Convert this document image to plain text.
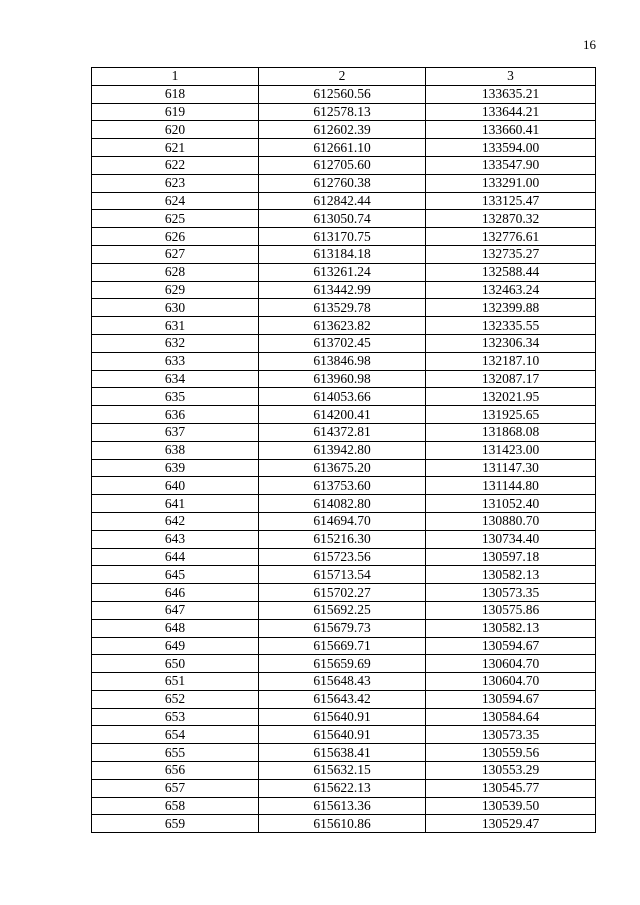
16
1	2	3
618	612560.56	133635.21
619	612578.13	133644.21
620	612602.39	133660.41
621	612661.10	133594.00
622	612705.60	133547.90
623	612760.38	133291.00
624	612842.44	133125.47
625	613050.74	132870.32
626	613170.75	132776.61
627	613184.18	132735.27
628	613261.24	132588.44
629	613442.99	132463.24
630	613529.78	132399.88
631	613623.82	132335.55
632	613702.45	132306.34
633	613846.98	132187.10
634	613960.98	132087.17
635	614053.66	132021.95
636	614200.41	131925.65
637	614372.81	131868.08
638	613942.80	131423.00
639	613675.20	131147.30
640	613753.60	131144.80
641	614082.80	131052.40
642	614694.70	130880.70
643	615216.30	130734.40
644	615723.56	130597.18
645	615713.54	130582.13
646	615702.27	130573.35
647	615692.25	130575.86
648	615679.73	130582.13
649	615669.71	130594.67
650	615659.69	130604.70
651	615648.43	130604.70
652	615643.42	130594.67
653	615640.91	130584.64
654	615640.91	130573.35
655	615638.41	130559.56
656	615632.15	130553.29
657	615622.13	130545.77
658	615613.36	130539.50
659	615610.86	130529.47
